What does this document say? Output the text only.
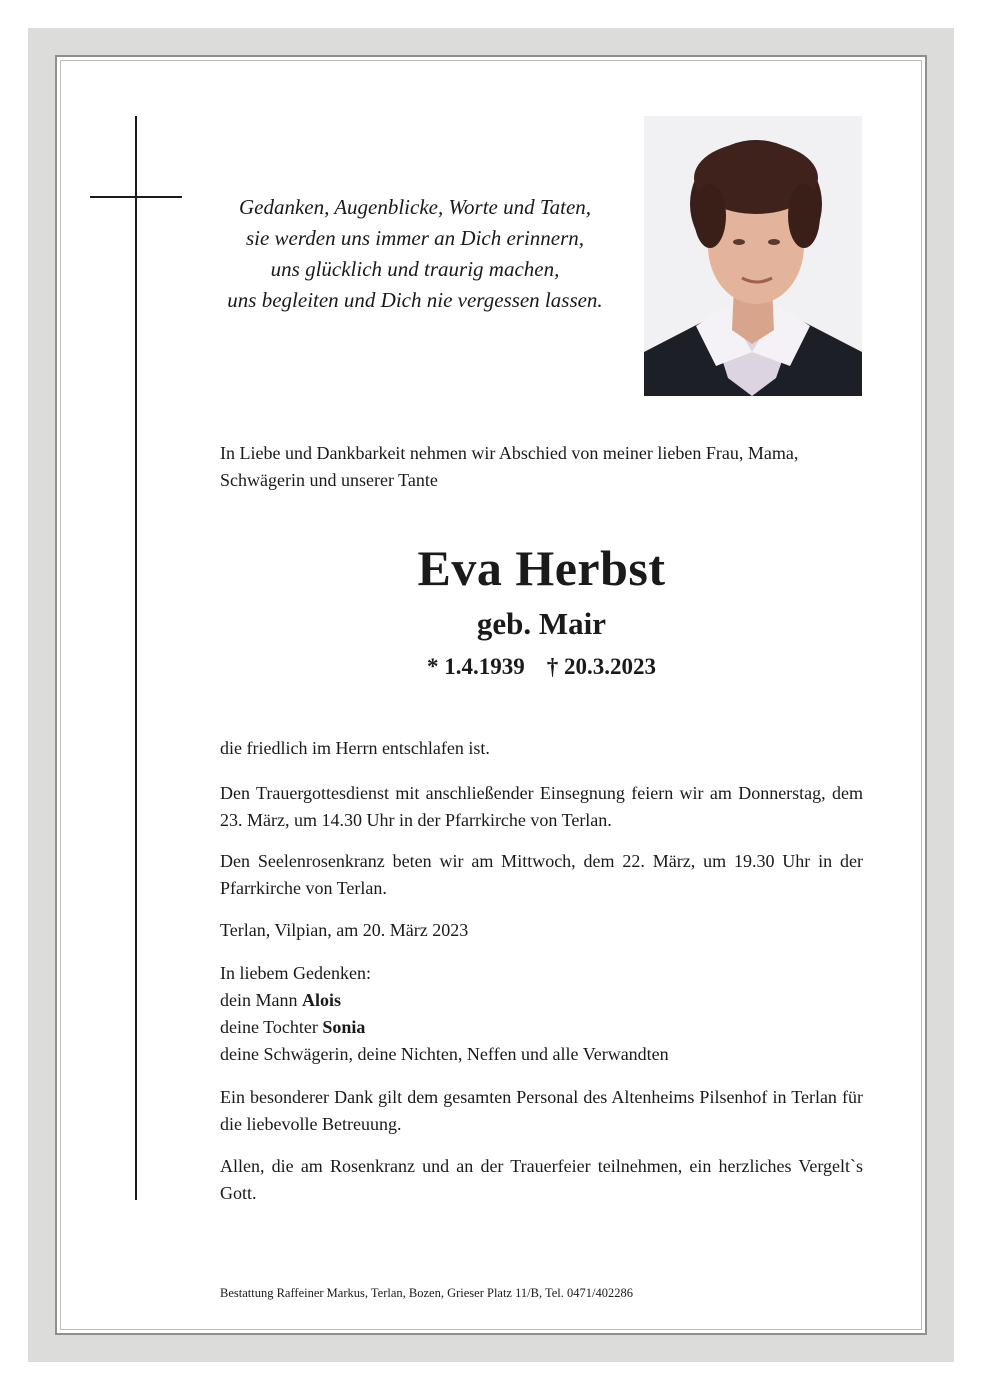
Gedanken, Augenblicke, Worte und Taten,
sie werden uns immer an Dich erinnern,
uns glücklich und traurig machen,
uns begleiten und Dich nie vergessen lassen.
In Liebe und Dankbarkeit nehmen wir Abschied von meiner lieben Frau, Mama, Schwägerin und unserer Tante
Eva Herbst
geb. Mair
* 1.4.1939 † 20.3.2023
die friedlich im Herrn entschlafen ist.
Den Trauergottesdienst mit anschließender Einsegnung feiern wir am Donnerstag, dem 23. März, um 14.30 Uhr in der Pfarrkirche von Terlan.
Den Seelenrosenkranz beten wir am Mittwoch, dem 22. März, um 19.30 Uhr in der Pfarrkirche von Terlan.
Terlan, Vilpian, am 20. März 2023

In liebem Gedenken:

dein Mann Alois

deine Tochter Sonia

deine Schwägerin, deine Nichten, Neffen und alle Verwandten

Ein besonderer Dank gilt dem gesamten Personal des Altenheims Pilsenhof in Terlan für die liebevolle Betreuung.
Allen, die am Rosenkranz und an der Trauerfeier teilnehmen, ein herzliches Vergelt`s Gott.
Bestattung Raffeiner Markus, Terlan, Bozen, Grieser Platz 11/B, Tel. 0471/402286
